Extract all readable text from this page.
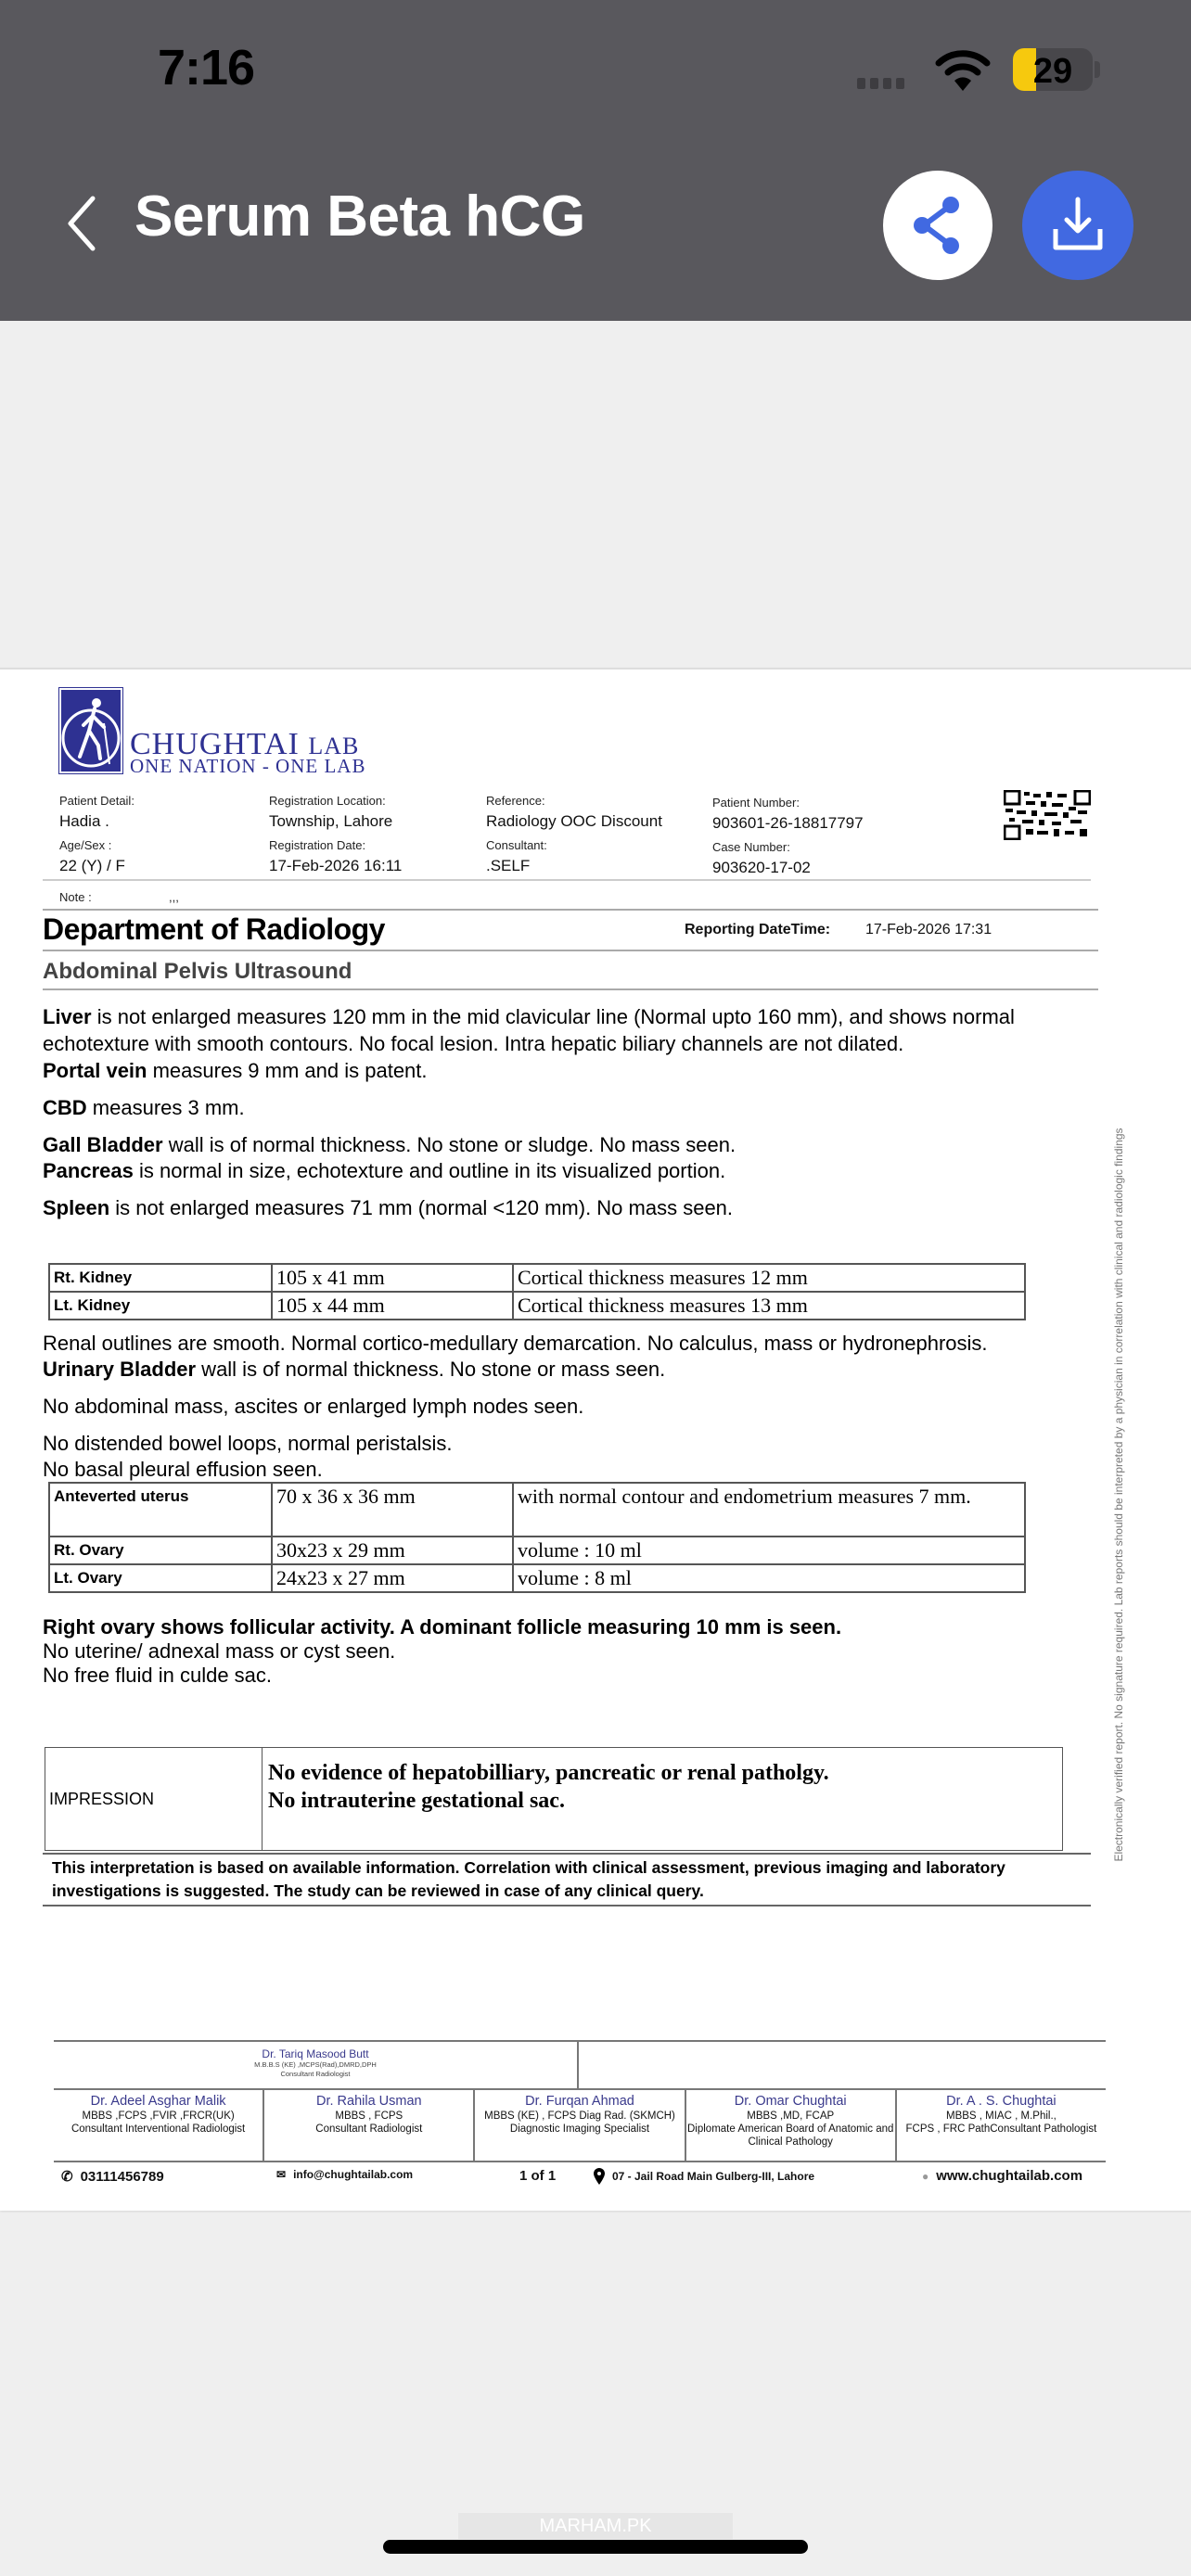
7:16	29
Serum Beta hCG
CHUGHTAI LAB
ONE NATION - ONE LAB
Patient Detail:
Hadia .
Age/Sex :
22 (Y) / F
Registration Location:
Township, Lahore
Registration Date:
17-Feb-2026 16:11
Reference:
Radiology OOC Discount
Consultant:
.SELF
Patient Number:
903601-26-18817797
Case Number:
903620-17-02
Note :	,,,
Department of Radiology	Reporting DateTime: 17-Feb-2026 17:31
Abdominal Pelvis Ultrasound
Liver is not enlarged measures 120 mm in the mid clavicular line (Normal upto 160 mm), and shows normal echotexture with smooth contours. No focal lesion. Intra hepatic biliary channels are not dilated.
Portal vein measures 9 mm and is patent.
CBD measures 3 mm.
Gall Bladder wall is of normal thickness. No stone or sludge. No mass seen.
Pancreas is normal in size, echotexture and outline in its visualized portion.
Spleen is not enlarged measures 71 mm (normal <120 mm). No mass seen.
Rt. Kidney	105 x 41 mm	Cortical thickness measures 12 mm
Lt. Kidney	105 x 44 mm	Cortical thickness measures 13 mm
Renal outlines are smooth. Normal cortico-medullary demarcation. No calculus, mass or hydronephrosis.
Urinary Bladder wall is of normal thickness. No stone or mass seen.
No abdominal mass, ascites or enlarged lymph nodes seen.
No distended bowel loops, normal peristalsis.
No basal pleural effusion seen.
Anteverted uterus	70 x 36 x 36 mm	with normal contour and endometrium measures 7 mm.
Rt. Ovary	30x23 x 29 mm	volume : 10 ml
Lt. Ovary	24x23 x 27 mm	volume : 8 ml
Right ovary shows follicular activity. A dominant follicle measuring 10 mm is seen.
No uterine/ adnexal mass or cyst seen.
No free fluid in culde sac.
IMPRESSION	
No evidence of hepatobilliary, pancreatic or renal patholgy.
No intrauterine gestational sac.
This interpretation is based on available information. Correlation with clinical assessment, previous imaging and laboratory investigations is suggested. The study can be reviewed in case of any clinical query.
Electronically verified report. No signature required. Lab reports should be interpreted by a physician in correlation with clinical and radiologic findings
Dr. Tariq Masood Butt
M.B.B.S (KE) ,MCPS(Rad),DMRD,DPH
Consultant Radiologist
Dr. Adeel Asghar Malik
MBBS ,FCPS ,FVIR ,FRCR(UK)
Consultant Interventional Radiologist
Dr. Rahila Usman
MBBS , FCPS
Consultant Radiologist
Dr. Furqan Ahmad
MBBS (KE) , FCPS Diag Rad. (SKMCH)
Diagnostic Imaging Specialist
Dr. Omar Chughtai
MBBS ,MD, FCAP
Diplomate American Board of Anatomic and Clinical Pathology
Dr. A . S. Chughtai
MBBS , MIAC , M.Phil.,
FCPS , FRC PathConsultant Pathologist
✆ 03111456789	✉ info@chughtailab.com	1 of 1	07 - Jail Road Main Gulberg-III, Lahore	● www.chughtailab.com
MARHAM.PK
